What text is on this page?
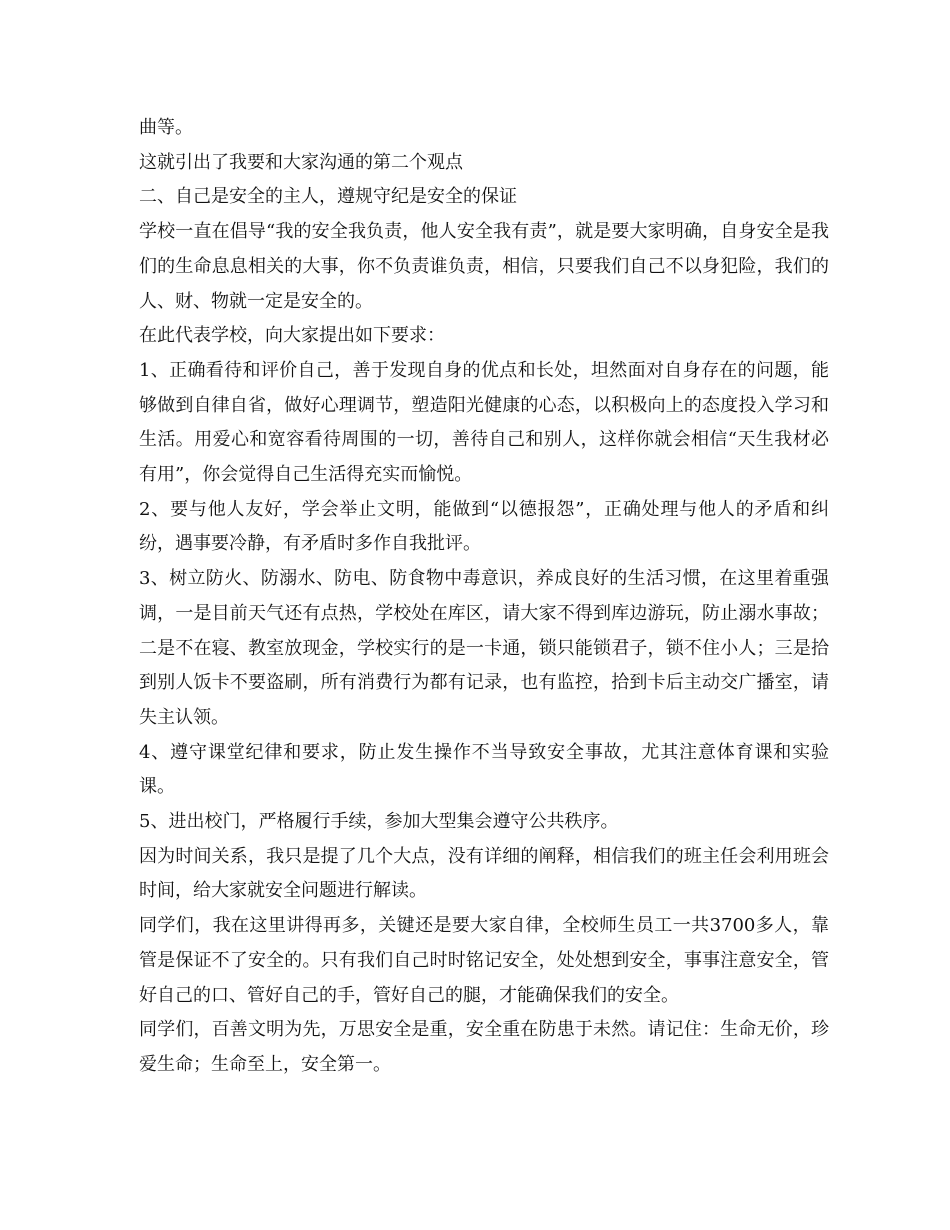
曲等。

这就引出了我要和大家沟通的第二个观点

二、自己是安全的主人，遵规守纪是安全的保证

学校一直在倡导“我的安全我负责，他人安全我有责”，就是要大家明确，自身安全是我们的生命息息相关的大事，你不负责谁负责，相信，只要我们自己不以身犯险，我们的人、财、物就一定是安全的。

在此代表学校，向大家提出如下要求：

1、正确看待和评价自己，善于发现自身的优点和长处，坦然面对自身存在的问题，能够做到自律自省，做好心理调节，塑造阳光健康的心态，以积极向上的态度投入学习和生活。用爱心和宽容看待周围的一切，善待自己和别人，这样你就会相信“天生我材必有用”，你会觉得自己生活得充实而愉悦。

2、要与他人友好，学会举止文明，能做到“以德报怨”，正确处理与他人的矛盾和纠纷，遇事要冷静，有矛盾时多作自我批评。

3、树立防火、防溺水、防电、防食物中毒意识，养成良好的生活习惯，在这里着重强调，一是目前天气还有点热，学校处在库区，请大家不得到库边游玩，防止溺水事故；二是不在寝、教室放现金，学校实行的是一卡通，锁只能锁君子，锁不住小人；三是拾到别人饭卡不要盗刷，所有消费行为都有记录，也有监控，拾到卡后主动交广播室，请失主认领。

4、遵守课堂纪律和要求，防止发生操作不当导致安全事故，尤其注意体育课和实验课。

5、进出校门，严格履行手续，参加大型集会遵守公共秩序。

因为时间关系，我只是提了几个大点，没有详细的阐释，相信我们的班主任会利用班会时间，给大家就安全问题进行解读。

同学们，我在这里讲得再多，关键还是要大家自律，全校师生员工一共3700多人，靠管是保证不了安全的。只有我们自己时时铭记安全，处处想到安全，事事注意安全，管好自己的口、管好自己的手，管好自己的腿，才能确保我们的安全。

同学们，百善文明为先，万思安全是重，安全重在防患于未然。请记住：生命无价，珍爱生命；生命至上，安全第一。
